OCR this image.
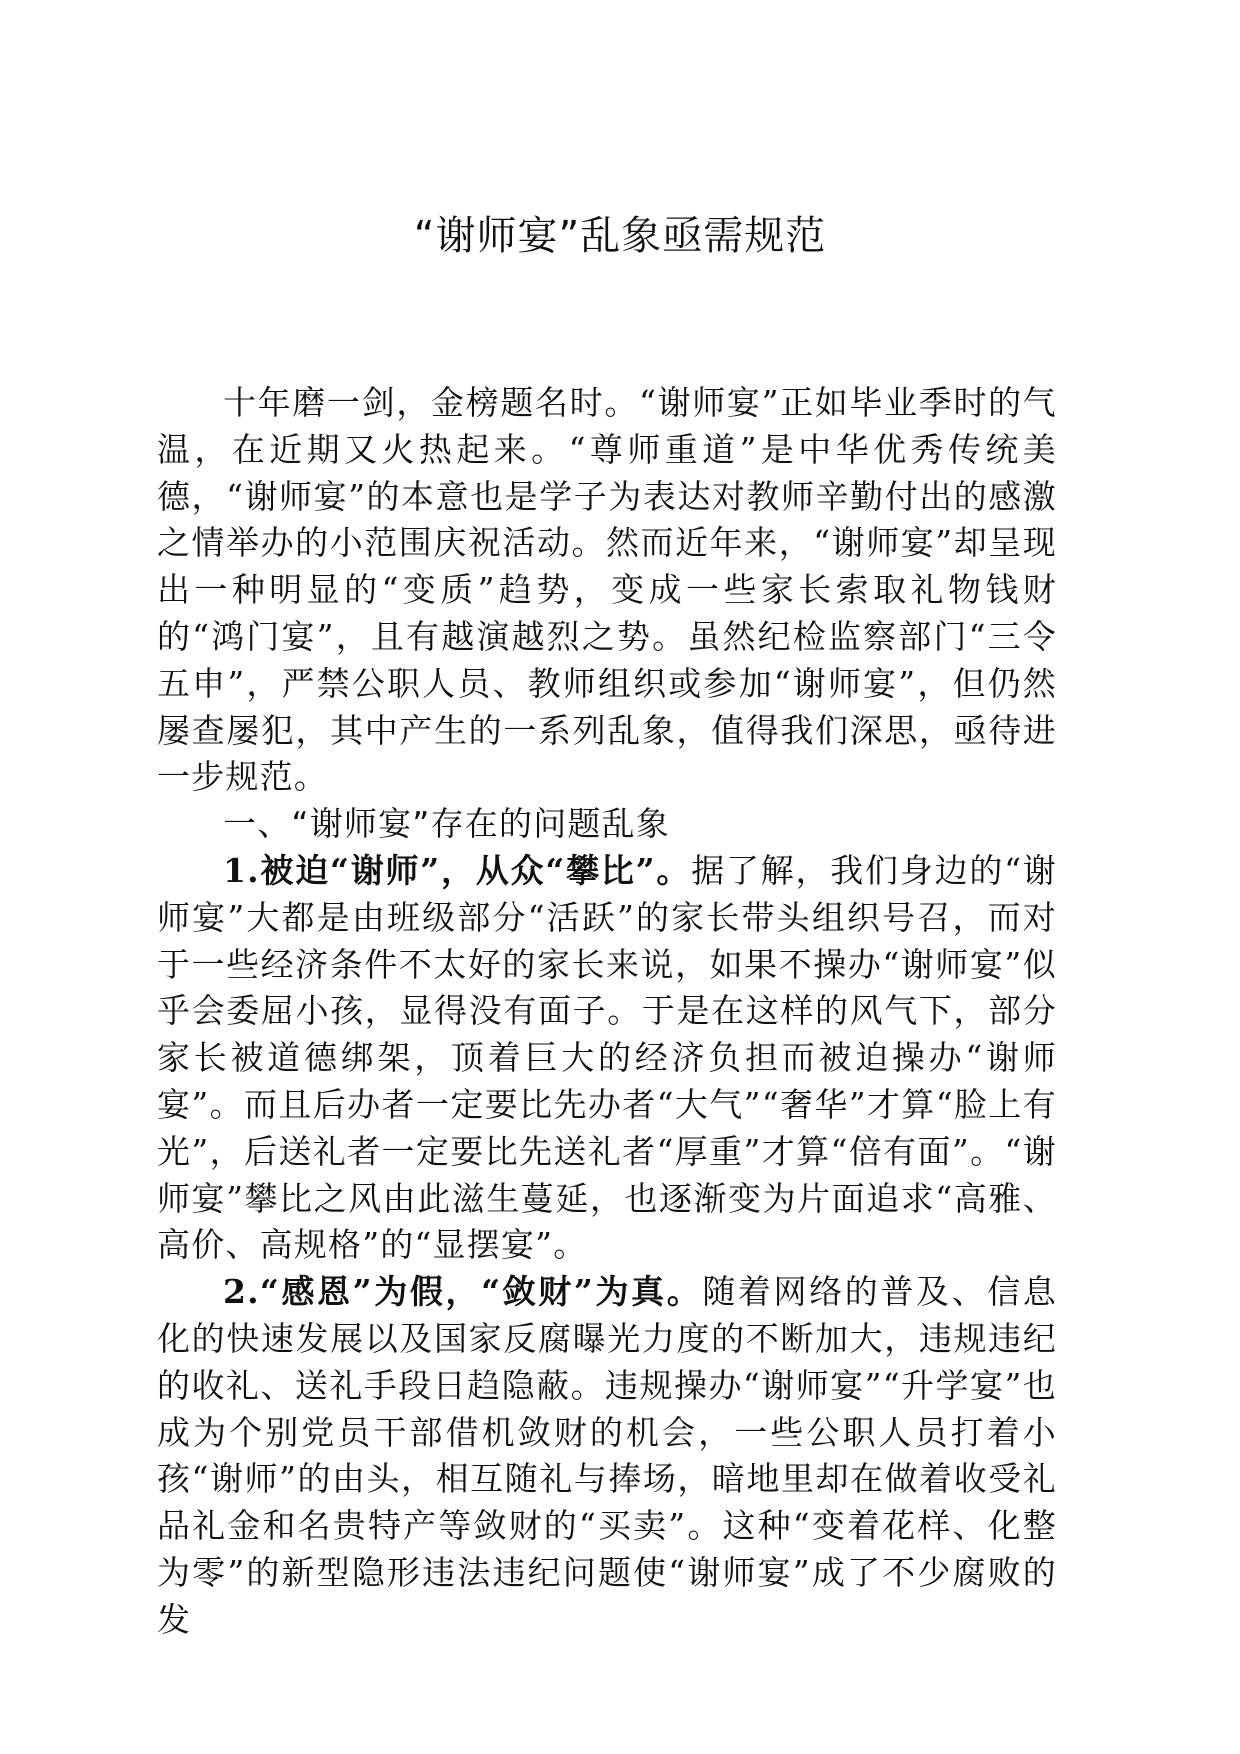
“谢师宴”乱象亟需规范

十年磨一剑，金榜题名时。“谢师宴”正如毕业季时的气温，在近期又火热起来。“尊师重道”是中华优秀传统美德，“谢师宴”的本意也是学子为表达对教师辛勤付出的感激之情举办的小范围庆祝活动。然而近年来，“谢师宴”却呈现出一种明显的“变质”趋势，变成一些家长索取礼物钱财的“鸿门宴”，且有越演越烈之势。虽然纪检监察部门“三令五申”，严禁公职人员、教师组织或参加“谢师宴”，但仍然屡查屡犯，其中产生的一系列乱象，值得我们深思，亟待进一步规范。

一、“谢师宴”存在的问题乱象

1.被迫“谢师”，从众“攀比”。据了解，我们身边的“谢师宴”大都是由班级部分“活跃”的家长带头组织号召，而对于一些经济条件不太好的家长来说，如果不操办“谢师宴”似乎会委屈小孩，显得没有面子。于是在这样的风气下，部分家长被道德绑架，顶着巨大的经济负担而被迫操办“谢师宴”。而且后办者一定要比先办者“大气”“奢华”才算“脸上有光”，后送礼者一定要比先送礼者“厚重”才算“倍有面”。“谢师宴”攀比之风由此滋生蔓延，也逐渐变为片面追求“高雅、高价、高规格”的“显摆宴”。

2.“感恩”为假，“敛财”为真。随着网络的普及、信息化的快速发展以及国家反腐曝光力度的不断加大，违规违纪的收礼、送礼手段日趋隐蔽。违规操办“谢师宴”“升学宴”也成为个别党员干部借机敛财的机会，一些公职人员打着小孩“谢师”的由头，相互随礼与捧场，暗地里却在做着收受礼品礼金和名贵特产等敛财的“买卖”。这种“变着花样、化整为零”的新型隐形违法违纪问题使“谢师宴”成了不少腐败的发
